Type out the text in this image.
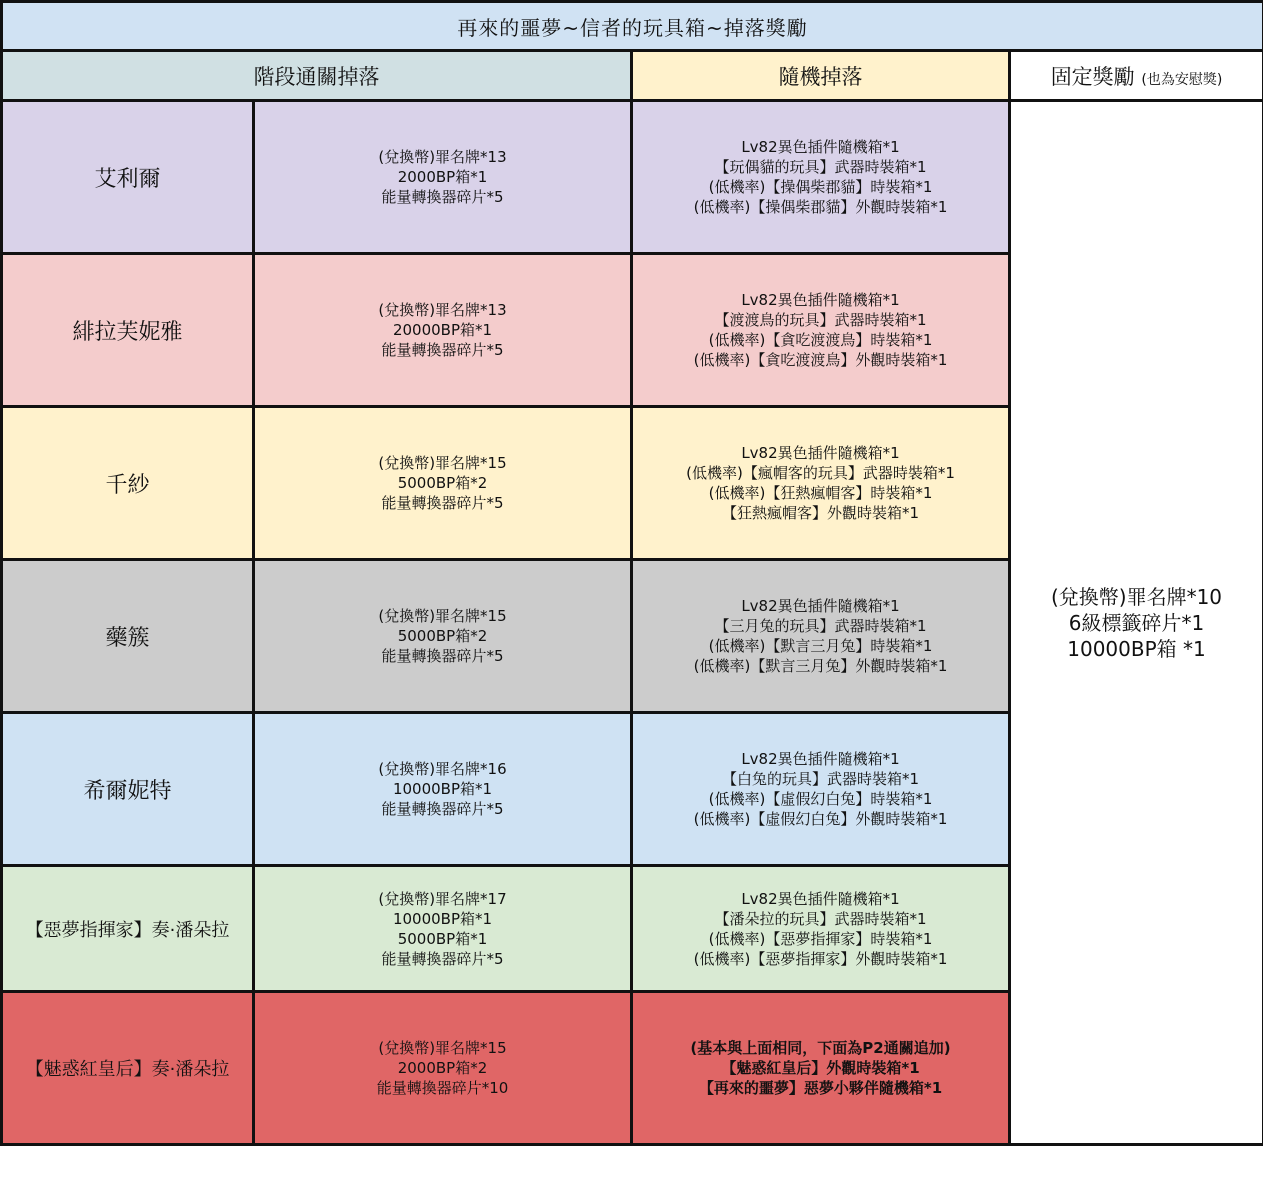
再來的噩夢~信者的玩具箱~掉落獎勵			
階段通關掉落		隨機掉落	固定獎勵 (也為安慰獎)
艾利爾	(兌換幣)罪名牌*13
2000BP箱*1
能量轉換器碎片*5	Lv82異色插件隨機箱*1
【玩偶貓的玩具】武器時裝箱*1
(低機率)【操偶柴郡貓】時裝箱*1
(低機率)【操偶柴郡貓】外觀時裝箱*1	(兌換幣)罪名牌*10
6級標籤碎片*1
10000BP箱 *1

緋拉芙妮雅	(兌換幣)罪名牌*13
20000BP箱*1
能量轉換器碎片*5	Lv82異色插件隨機箱*1
【渡渡鳥的玩具】武器時裝箱*1
(低機率)【貪吃渡渡鳥】時裝箱*1
(低機率)【貪吃渡渡鳥】外觀時裝箱*1	

千紗	(兌換幣)罪名牌*15
5000BP箱*2
能量轉換器碎片*5	Lv82異色插件隨機箱*1
(低機率)【瘋帽客的玩具】武器時裝箱*1
(低機率)【狂熱瘋帽客】時裝箱*1
【狂熱瘋帽客】外觀時裝箱*1	

藥簇	(兌換幣)罪名牌*15
5000BP箱*2
能量轉換器碎片*5	Lv82異色插件隨機箱*1
【三月兔的玩具】武器時裝箱*1
(低機率)【默言三月兔】時裝箱*1
(低機率)【默言三月兔】外觀時裝箱*1	

希爾妮特	(兌換幣)罪名牌*16
10000BP箱*1
能量轉換器碎片*5	Lv82異色插件隨機箱*1
【白兔的玩具】武器時裝箱*1
(低機率)【虛假幻白兔】時裝箱*1
(低機率)【虛假幻白兔】外觀時裝箱*1	

【惡夢指揮家】奏·潘朵拉	(兌換幣)罪名牌*17
10000BP箱*1
5000BP箱*1
能量轉換器碎片*5	Lv82異色插件隨機箱*1
【潘朵拉的玩具】武器時裝箱*1
(低機率)【惡夢指揮家】時裝箱*1
(低機率)【惡夢指揮家】外觀時裝箱*1	

【魅惑紅皇后】奏·潘朵拉	(兌換幣)罪名牌*15
2000BP箱*2
能量轉換器碎片*10	(基本與上面相同，下面為P2通關追加)
【魅惑紅皇后】外觀時裝箱*1
【再來的噩夢】惡夢小夥伴隨機箱*1	
